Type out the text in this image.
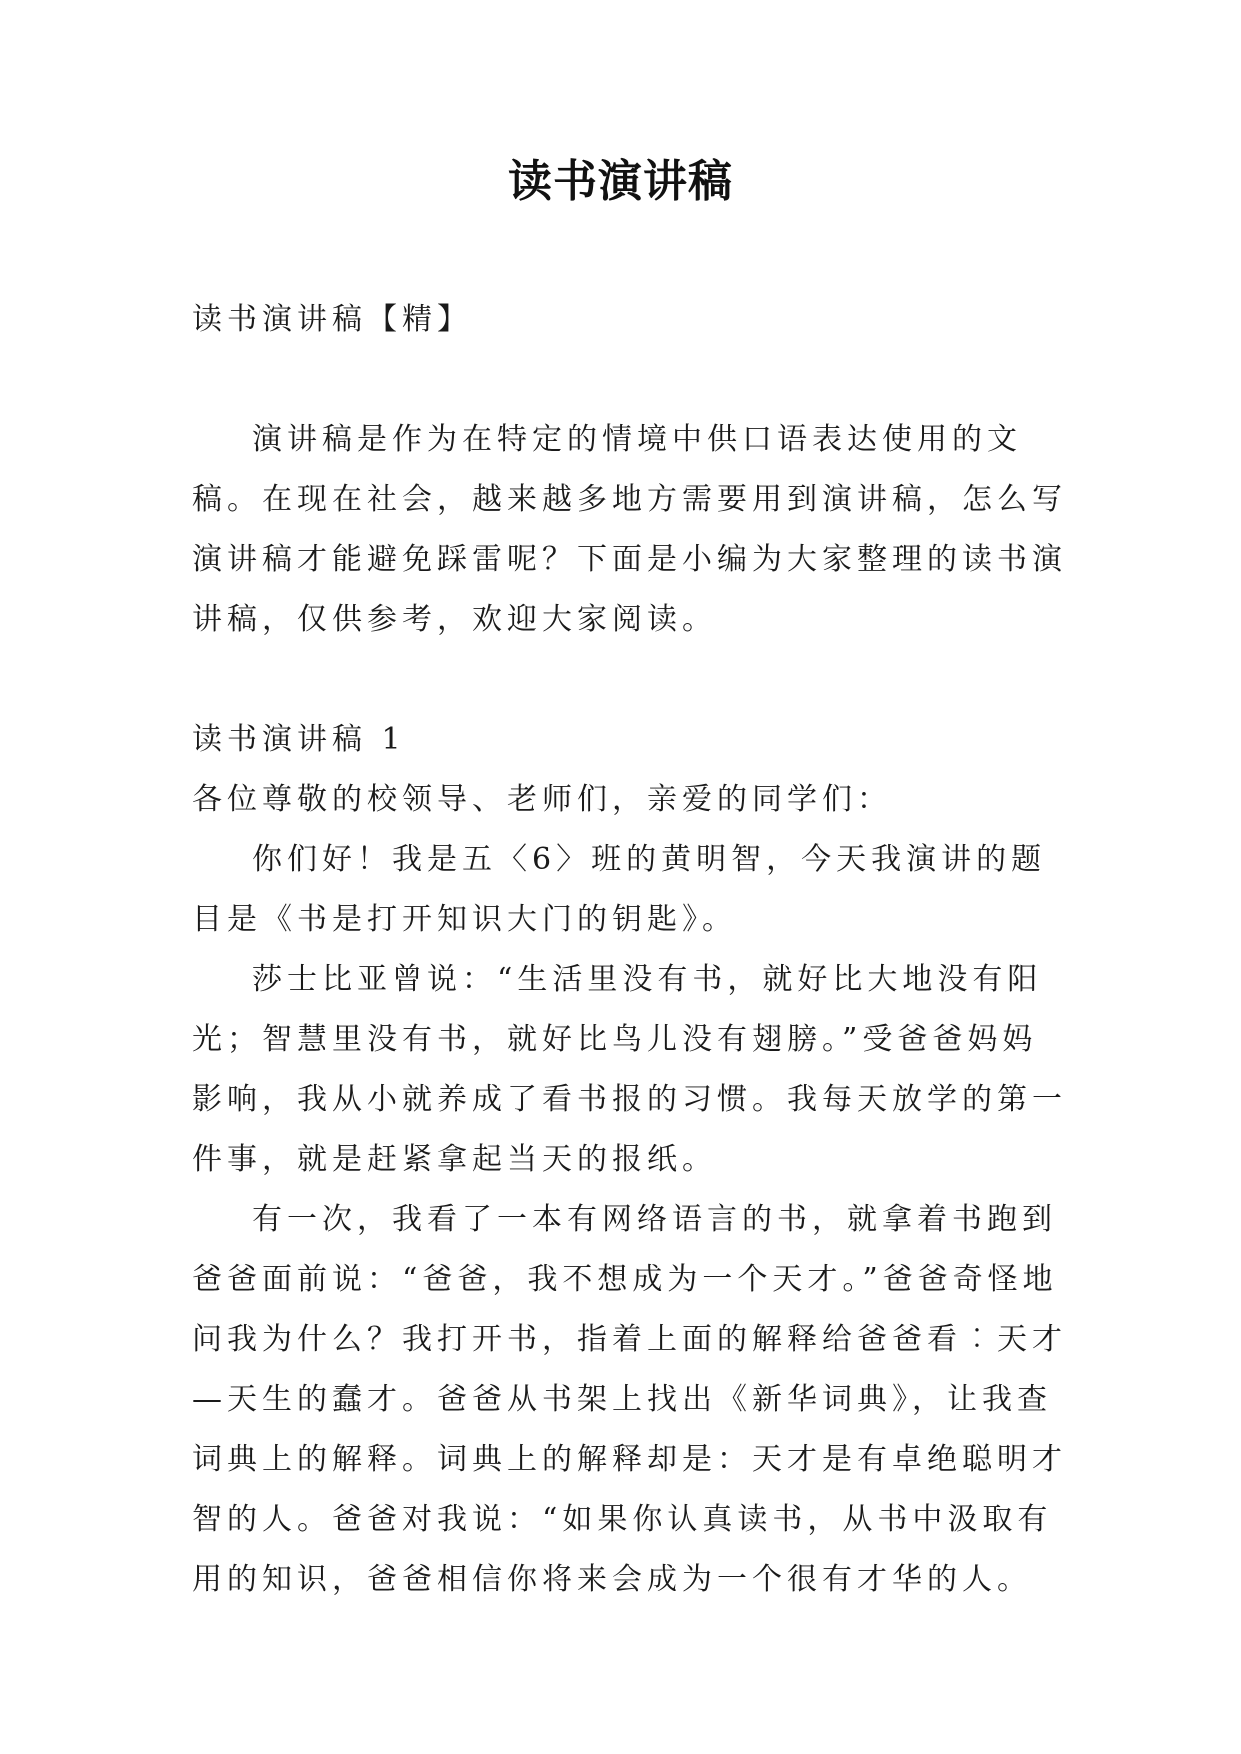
读书演讲稿

读书演讲稿【精】

演讲稿是作为在特定的情境中供口语表达使用的文稿。在现在社会，越来越多地方需要用到演讲稿，怎么写演讲稿才能避免踩雷呢？下面是小编为大家整理的读书演讲稿，仅供参考，欢迎大家阅读。

读书演讲稿 1

各位尊敬的校领导、老师们，亲爱的同学们：

你们好！我是五〈6〉班的黄明智，今天我演讲的题目是《书是打开知识大门的钥匙》。

莎士比亚曾说：“生活里没有书，就好比大地没有阳光；智慧里没有书，就好比鸟儿没有翅膀。”受爸爸妈妈影响，我从小就养成了看书报的习惯。我每天放学的第一件事，就是赶紧拿起当天的报纸。

有一次，我看了一本有网络语言的书，就拿着书跑到爸爸面前说：“爸爸，我不想成为一个天才。”爸爸奇怪地问我为什么？我打开书，指着上面的解释给爸爸看︰天才—天生的蠢才。爸爸从书架上找出《新华词典》，让我查词典上的解释。词典上的解释却是：天才是有卓绝聪明才智的人。爸爸对我说：“如果你认真读书，从书中汲取有用的知识，爸爸相信你将来会成为一个很有才华的人。
